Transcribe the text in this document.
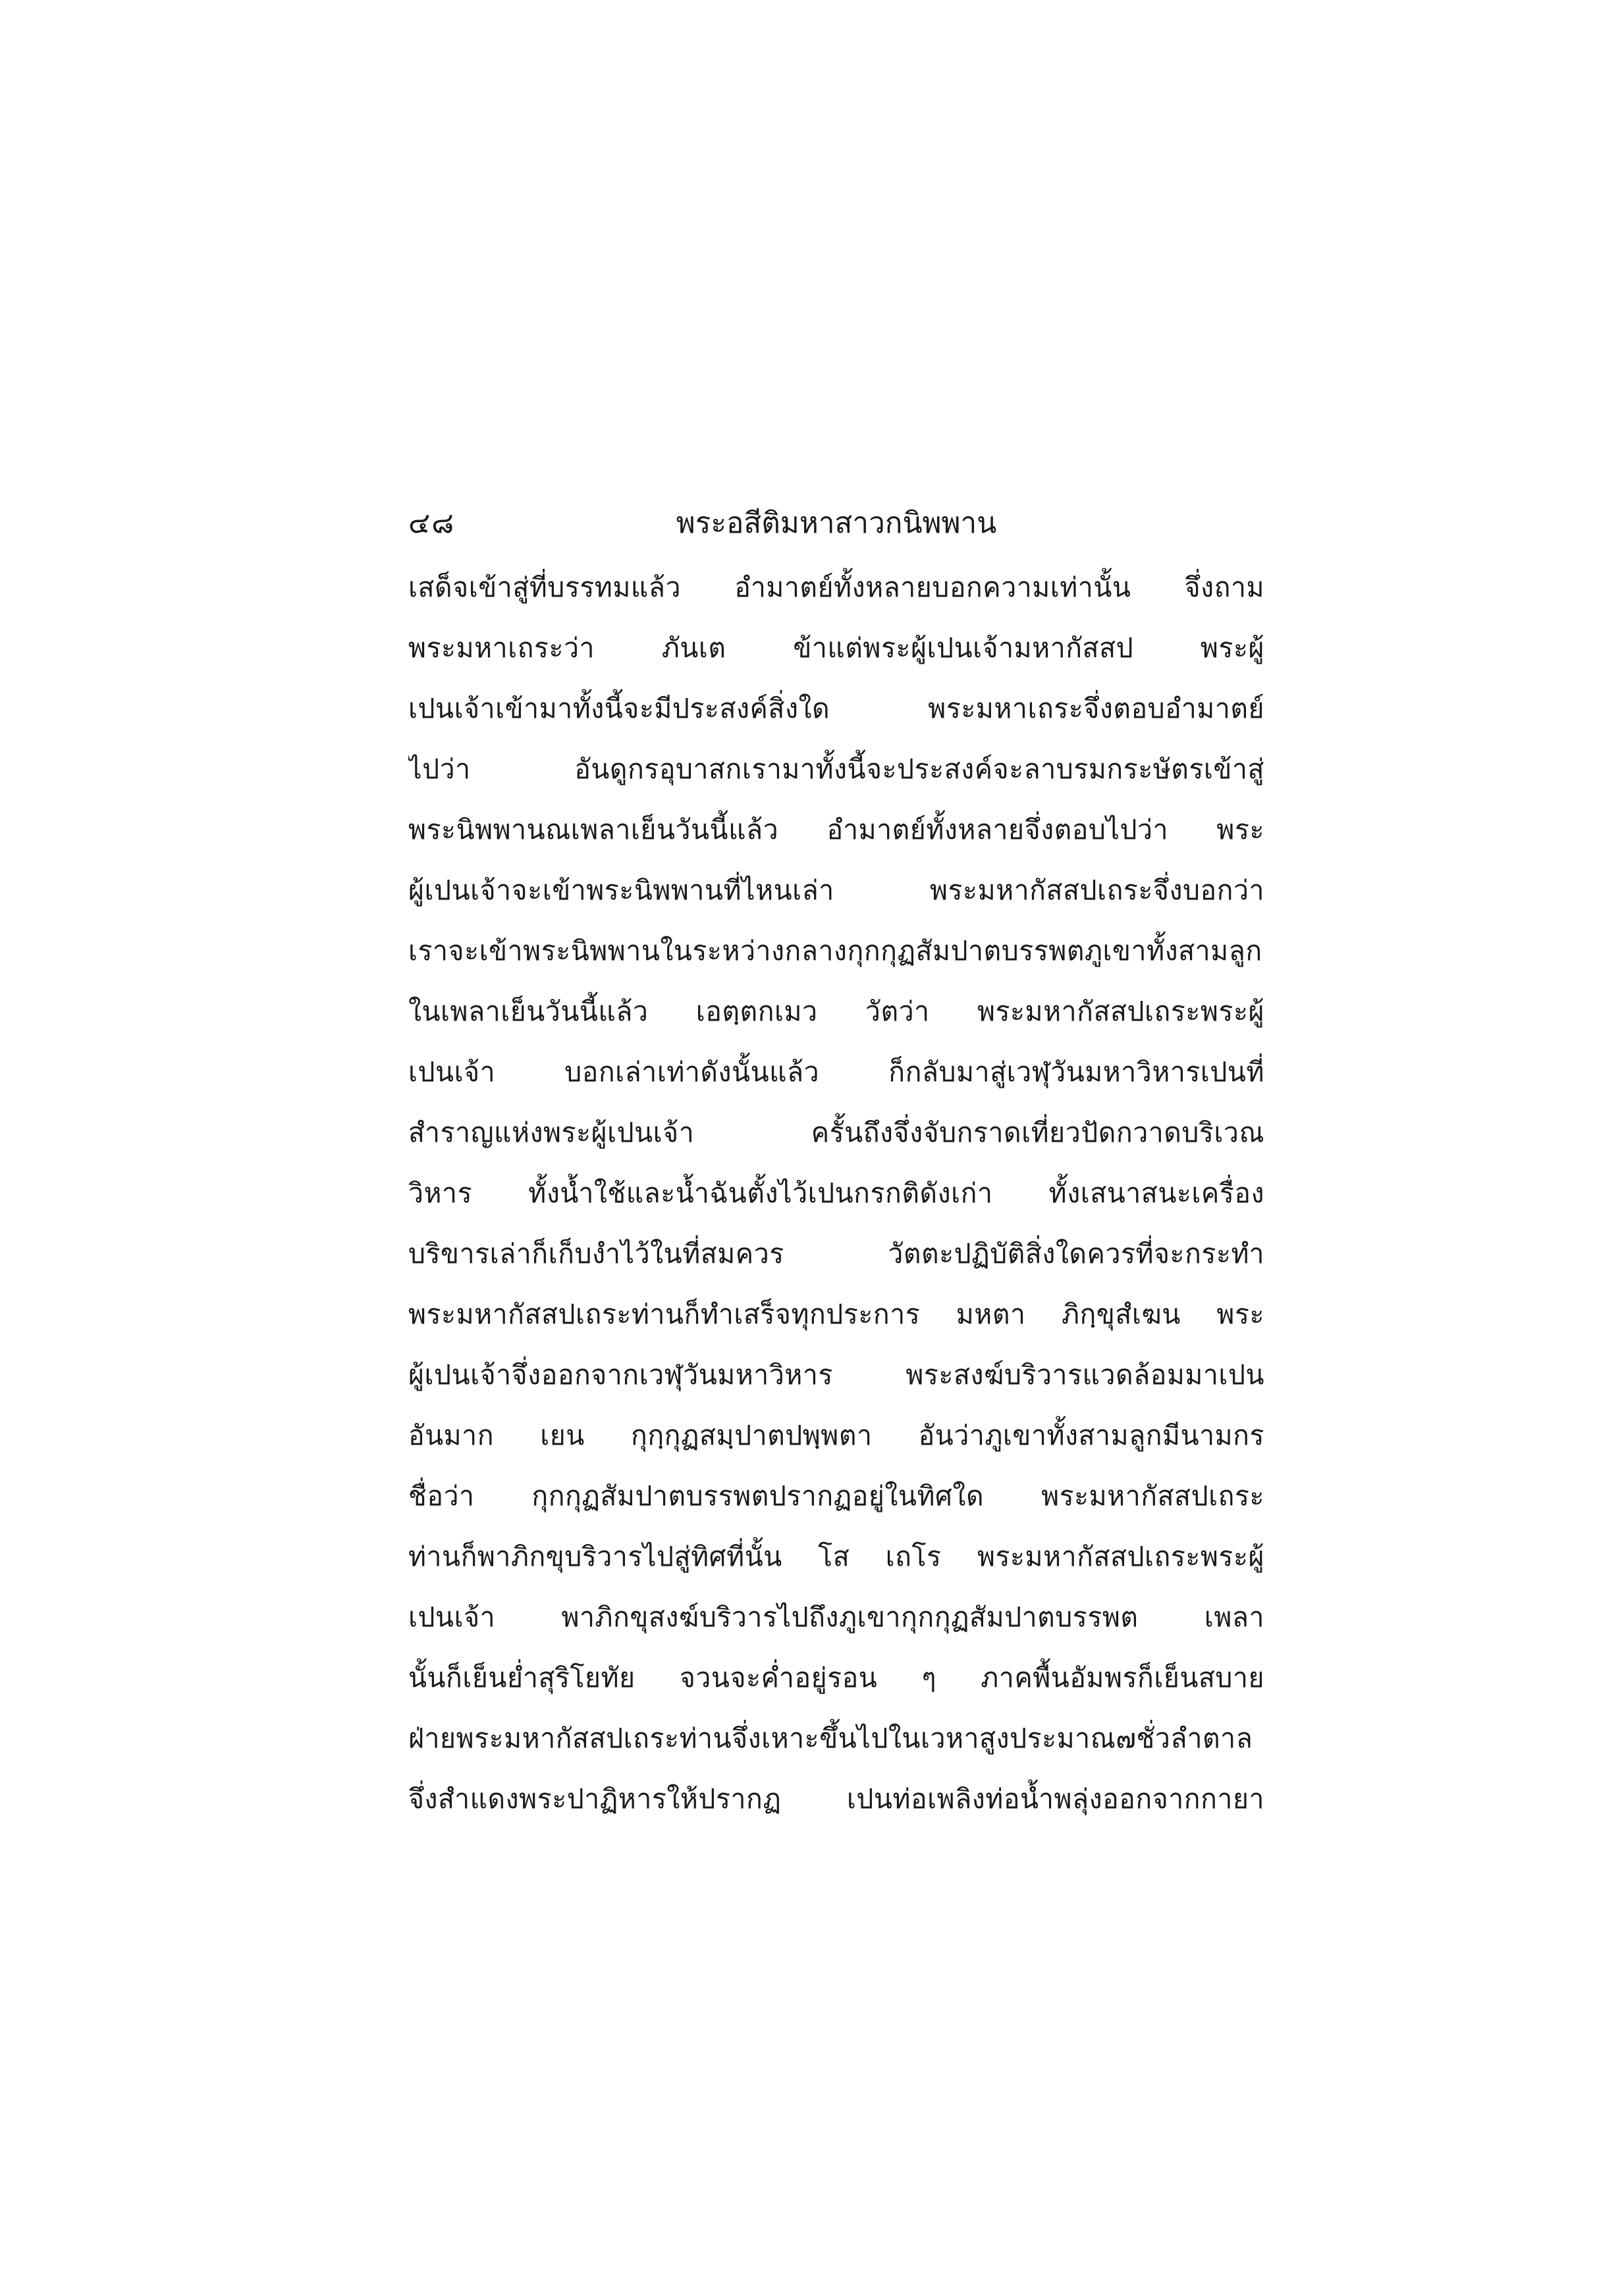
๔๘	พระอสีติมหาสาวกนิพพาน
เสด็จเข้าสู่ที่บรรทมแล้ว อำมาตย์ทั้งหลายบอกความเท่านั้น จึ่งถาม
พระมหาเถระว่า ภันเต ข้าแต่พระผู้เปนเจ้ามหากัสสป พระผู้
เปนเจ้าเข้ามาทั้งนี้จะมีประสงค์สิ่งใด พระมหาเถระจึ่งตอบอำมาตย์
ไปว่า อันดูกรอุบาสกเรามาทั้งนี้จะประสงค์จะลาบรมกระษัตรเข้าสู่
พระนิพพานณเพลาเย็นวันนี้แล้ว อำมาตย์ทั้งหลายจึ่งตอบไปว่า พระ
ผู้เปนเจ้าจะเข้าพระนิพพานที่ไหนเล่า พระมหากัสสปเถระจึ่งบอกว่า
เราจะเข้าพระนิพพานในระหว่างกลางกุกกุฏสัมปาตบรรพตภูเขาทั้งสามลูก
ในเพลาเย็นวันนี้แล้ว เอตฺตกเมว วัตว่า พระมหากัสสปเถระพระผู้
เปนเจ้า บอกเล่าเท่าดังนั้นแล้ว ก็กลับมาสู่เวฬุวันมหาวิหารเปนที่
สำราญแห่งพระผู้เปนเจ้า ครั้นถึงจึ่งจับกราดเที่ยวปัดกวาดบริเวณ
วิหาร ทั้งน้ำใช้และน้ำฉันตั้งไว้เปนกรกติดังเก่า ทั้งเสนาสนะเครื่อง
บริขารเล่าก็เก็บงำไว้ในที่สมควร วัตตะปฏิบัติสิ่งใดควรที่จะกระทำ
พระมหากัสสปเถระท่านก็ทำเสร็จทุกประการ มหตา ภิกฺขุสํเฆน พระ
ผู้เปนเจ้าจึ่งออกจากเวฬุวันมหาวิหาร พระสงฆ์บริวารแวดล้อมมาเปน
อันมาก เยน กุกฺกุฏสมฺปาตปพฺพตา อันว่าภูเขาทั้งสามลูกมีนามกร
ชื่อว่า กุกกุฏสัมปาตบรรพตปรากฏอยู่ในทิศใด พระมหากัสสปเถระ
ท่านก็พาภิกขุบริวารไปสู่ทิศที่นั้น โส เถโร พระมหากัสสปเถระพระผู้
เปนเจ้า พาภิกขุสงฆ์บริวารไปถึงภูเขากุกกุฏสัมปาตบรรพต เพลา
นั้นก็เย็นย่ำสุริโยทัย จวนจะค่ำอยู่รอน ๆ ภาคพื้นอัมพรก็เย็นสบาย
ฝ่ายพระมหากัสสปเถระท่านจึ่งเหาะขึ้นไปในเวหาสูงประมาณ๗ชั่วลำตาล
จึ่งสำแดงพระปาฏิหารให้ปรากฏ เปนท่อเพลิงท่อน้ำพลุ่งออกจากกายา
